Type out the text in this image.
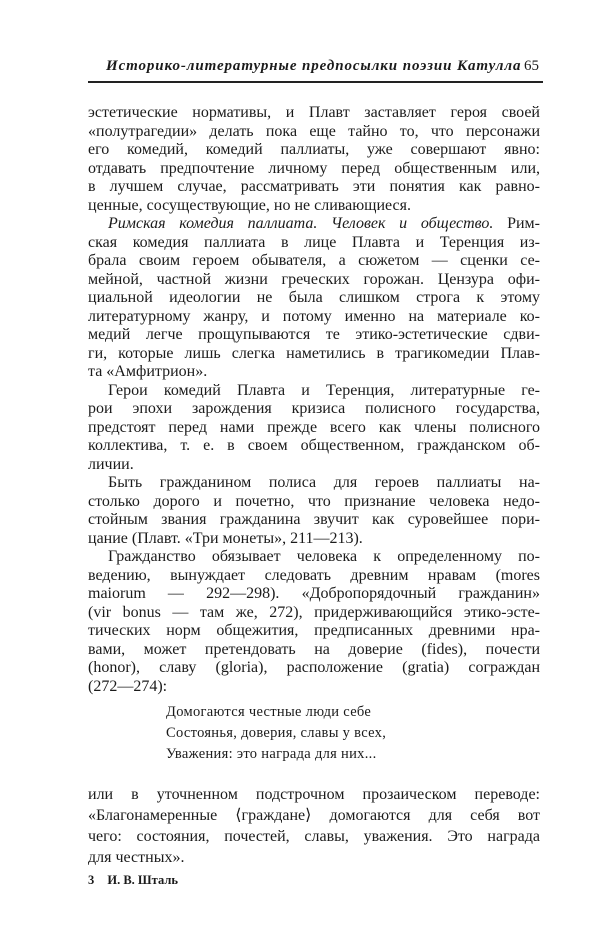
Историко-литературные предпосылки поэзии Катулла 65
эстетические нормативы, и Плавт заставляет героя своей
«полутрагедии» делать пока еще тайно то, что персонажи
его комедий, комедий паллиаты, уже совершают явно:
отдавать предпочтение личному перед общественным или,
в лучшем случае, рассматривать эти понятия как равно-
ценные, сосуществующие, но не сливающиеся.
Римская комедия паллиата. Человек и общество. Рим-
ская комедия паллиата в лице Плавта и Теренция из-
брала своим героем обывателя, а сюжетом — сценки се-
мейной, частной жизни греческих горожан. Цензура офи-
циальной идеологии не была слишком строга к этому
литературному жанру, и потому именно на материале ко-
медий легче прощупываются те этико-эстетические сдви-
ги, которые лишь слегка наметились в трагикомедии Плав-
та «Амфитрион».
Герои комедий Плавта и Теренция, литературные ге-
рои эпохи зарождения кризиса полисного государства,
предстоят перед нами прежде всего как члены полисного
коллектива, т. е. в своем общественном, гражданском об-
личии.
Быть гражданином полиса для героев паллиаты на-
столько дорого и почетно, что признание человека недо-
стойным звания гражданина звучит как суровейшее пори-
цание (Плавт. «Три монеты», 211—213).
Гражданство обязывает человека к определенному по-
ведению, вынуждает следовать древним нравам (mores
maiorum — 292—298). «Добропорядочный гражданин»
(vir bonus — там же, 272), придерживающийся этико-эсте-
тических норм общежития, предписанных древними нра-
вами, может претендовать на доверие (fides), почести
(honor), славу (gloria), расположение (gratia) сограждан
(272—274):
Домогаются честные люди себе
Состоянья, доверия, славы у всех,
Уважения: это награда для них...
или в уточненном подстрочном прозаическом переводе:
«Благонамеренные ⟨граждане⟩ домогаются для себя вот
чего: состояния, почестей, славы, уважения. Это награда
для честных».
3 И. В. Шталь
